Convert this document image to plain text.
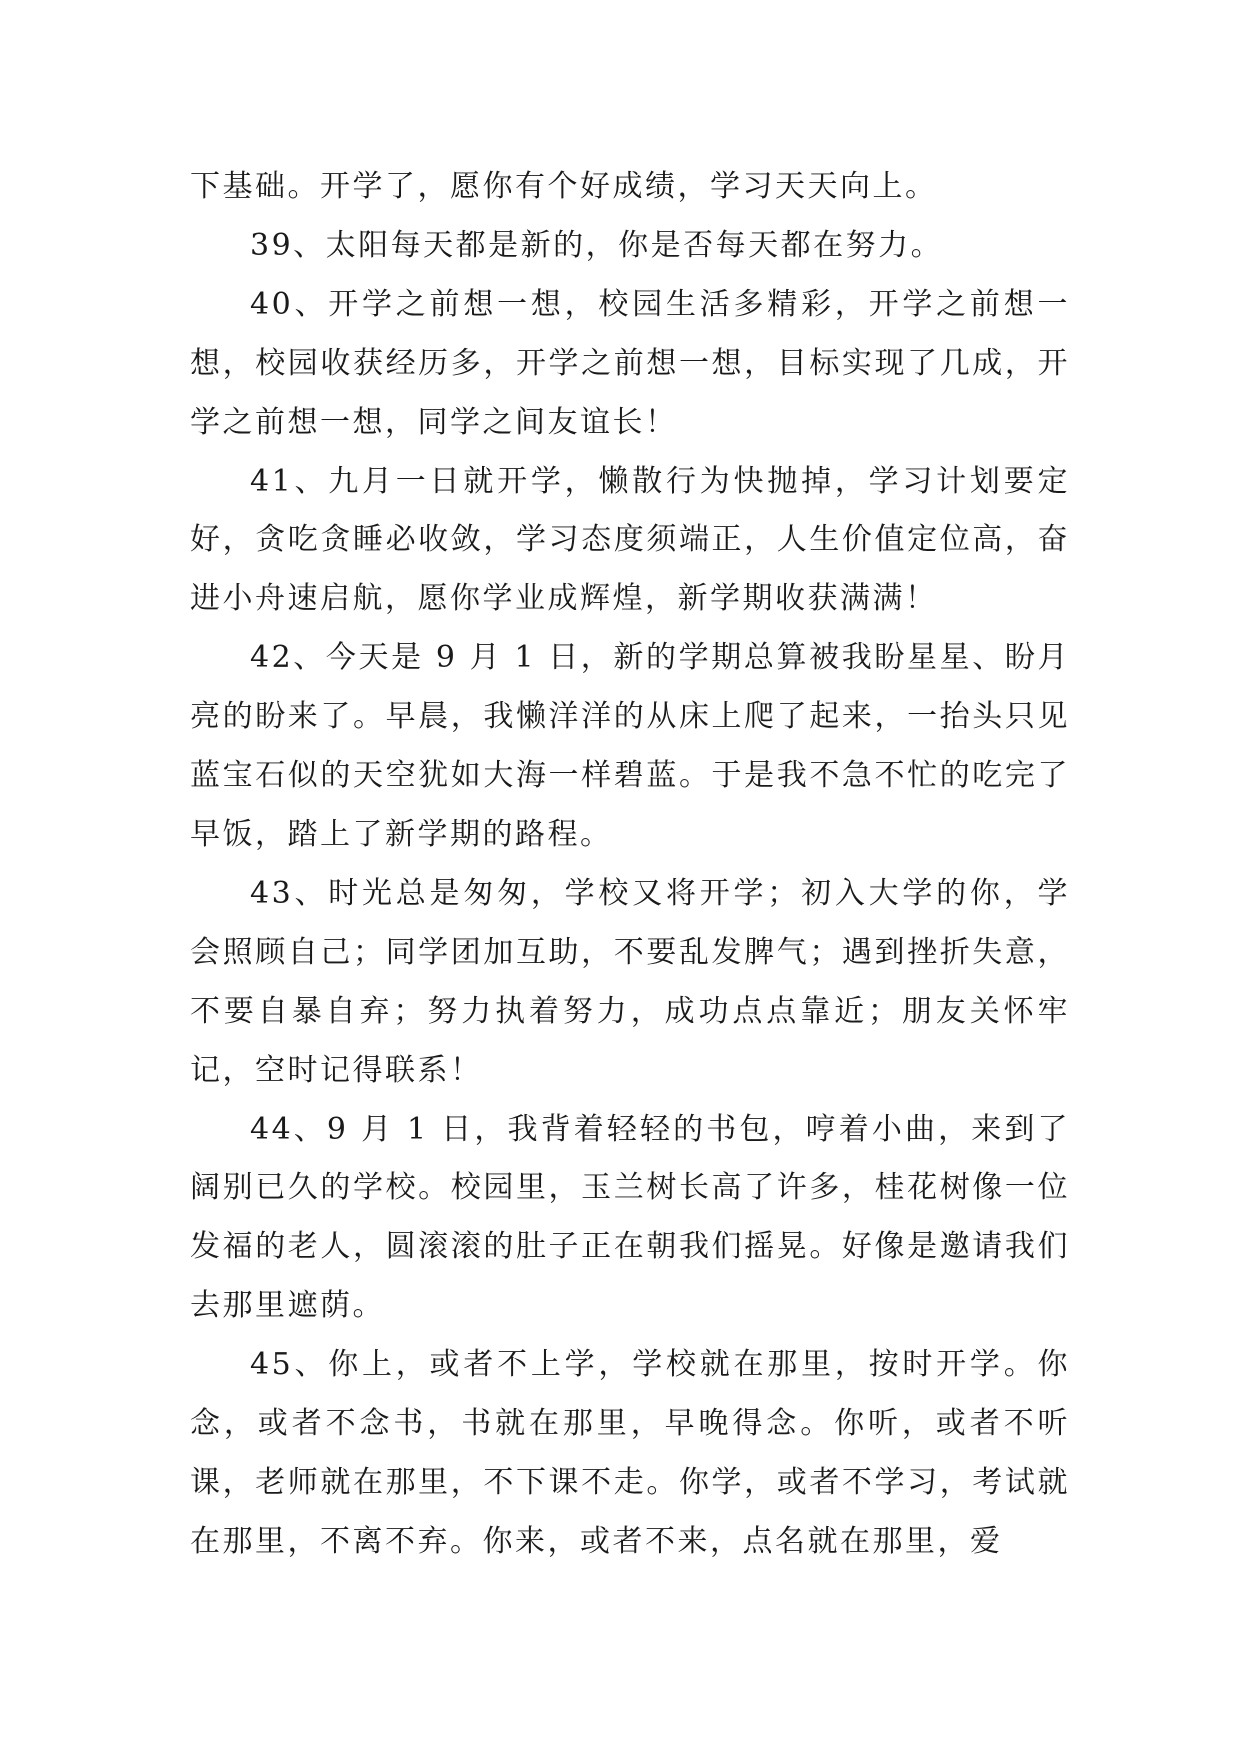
下基础。开学了，愿你有个好成绩，学习天天向上。

39、太阳每天都是新的，你是否每天都在努力。

40、开学之前想一想，校园生活多精彩，开学之前想一想，校园收获经历多，开学之前想一想，目标实现了几成，开学之前想一想，同学之间友谊长！

41、九月一日就开学，懒散行为快抛掉，学习计划要定好，贪吃贪睡必收敛，学习态度须端正，人生价值定位高，奋进小舟速启航，愿你学业成辉煌，新学期收获满满！

42、今天是 9 月 1 日，新的学期总算被我盼星星、盼月亮的盼来了。早晨，我懒洋洋的从床上爬了起来，一抬头只见蓝宝石似的天空犹如大海一样碧蓝。于是我不急不忙的吃完了早饭，踏上了新学期的路程。

43、时光总是匆匆，学校又将开学；初入大学的你，学会照顾自己；同学团加互助，不要乱发脾气；遇到挫折失意，不要自暴自弃；努力执着努力，成功点点靠近；朋友关怀牢记，空时记得联系！

44、9 月 1 日，我背着轻轻的书包，哼着小曲，来到了阔别已久的学校。校园里，玉兰树长高了许多，桂花树像一位发福的老人，圆滚滚的肚子正在朝我们摇晃。好像是邀请我们去那里遮荫。

45、你上，或者不上学，学校就在那里，按时开学。你念，或者不念书，书就在那里，早晚得念。你听，或者不听课，老师就在那里，不下课不走。你学，或者不学习，考试就在那里，不离不弃。你来，或者不来，点名就在那里，爱
